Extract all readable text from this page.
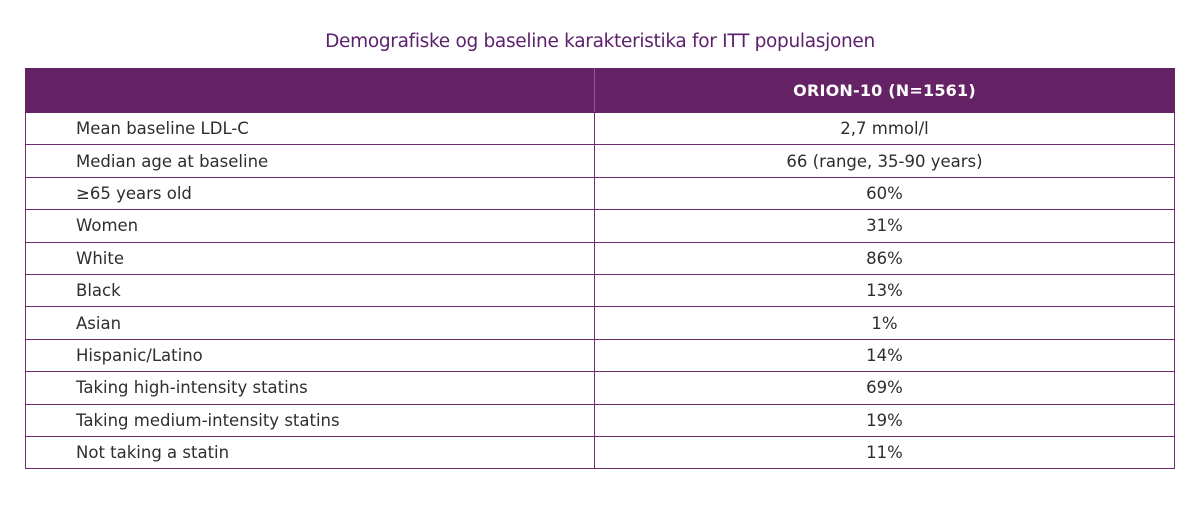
Demografiske og baseline karakteristika for ITT populasjonen
	ORION-10 (N=1561)
Mean baseline LDL-C	2,7 mmol/l
Median age at baseline	66 (range, 35-90 years)
≥65 years old	60%
Women	31%
White	86%
Black	13%
Asian	1%
Hispanic/Latino	14%
Taking high-intensity statins	69%
Taking medium-intensity statins	19%
Not taking a statin	11%
